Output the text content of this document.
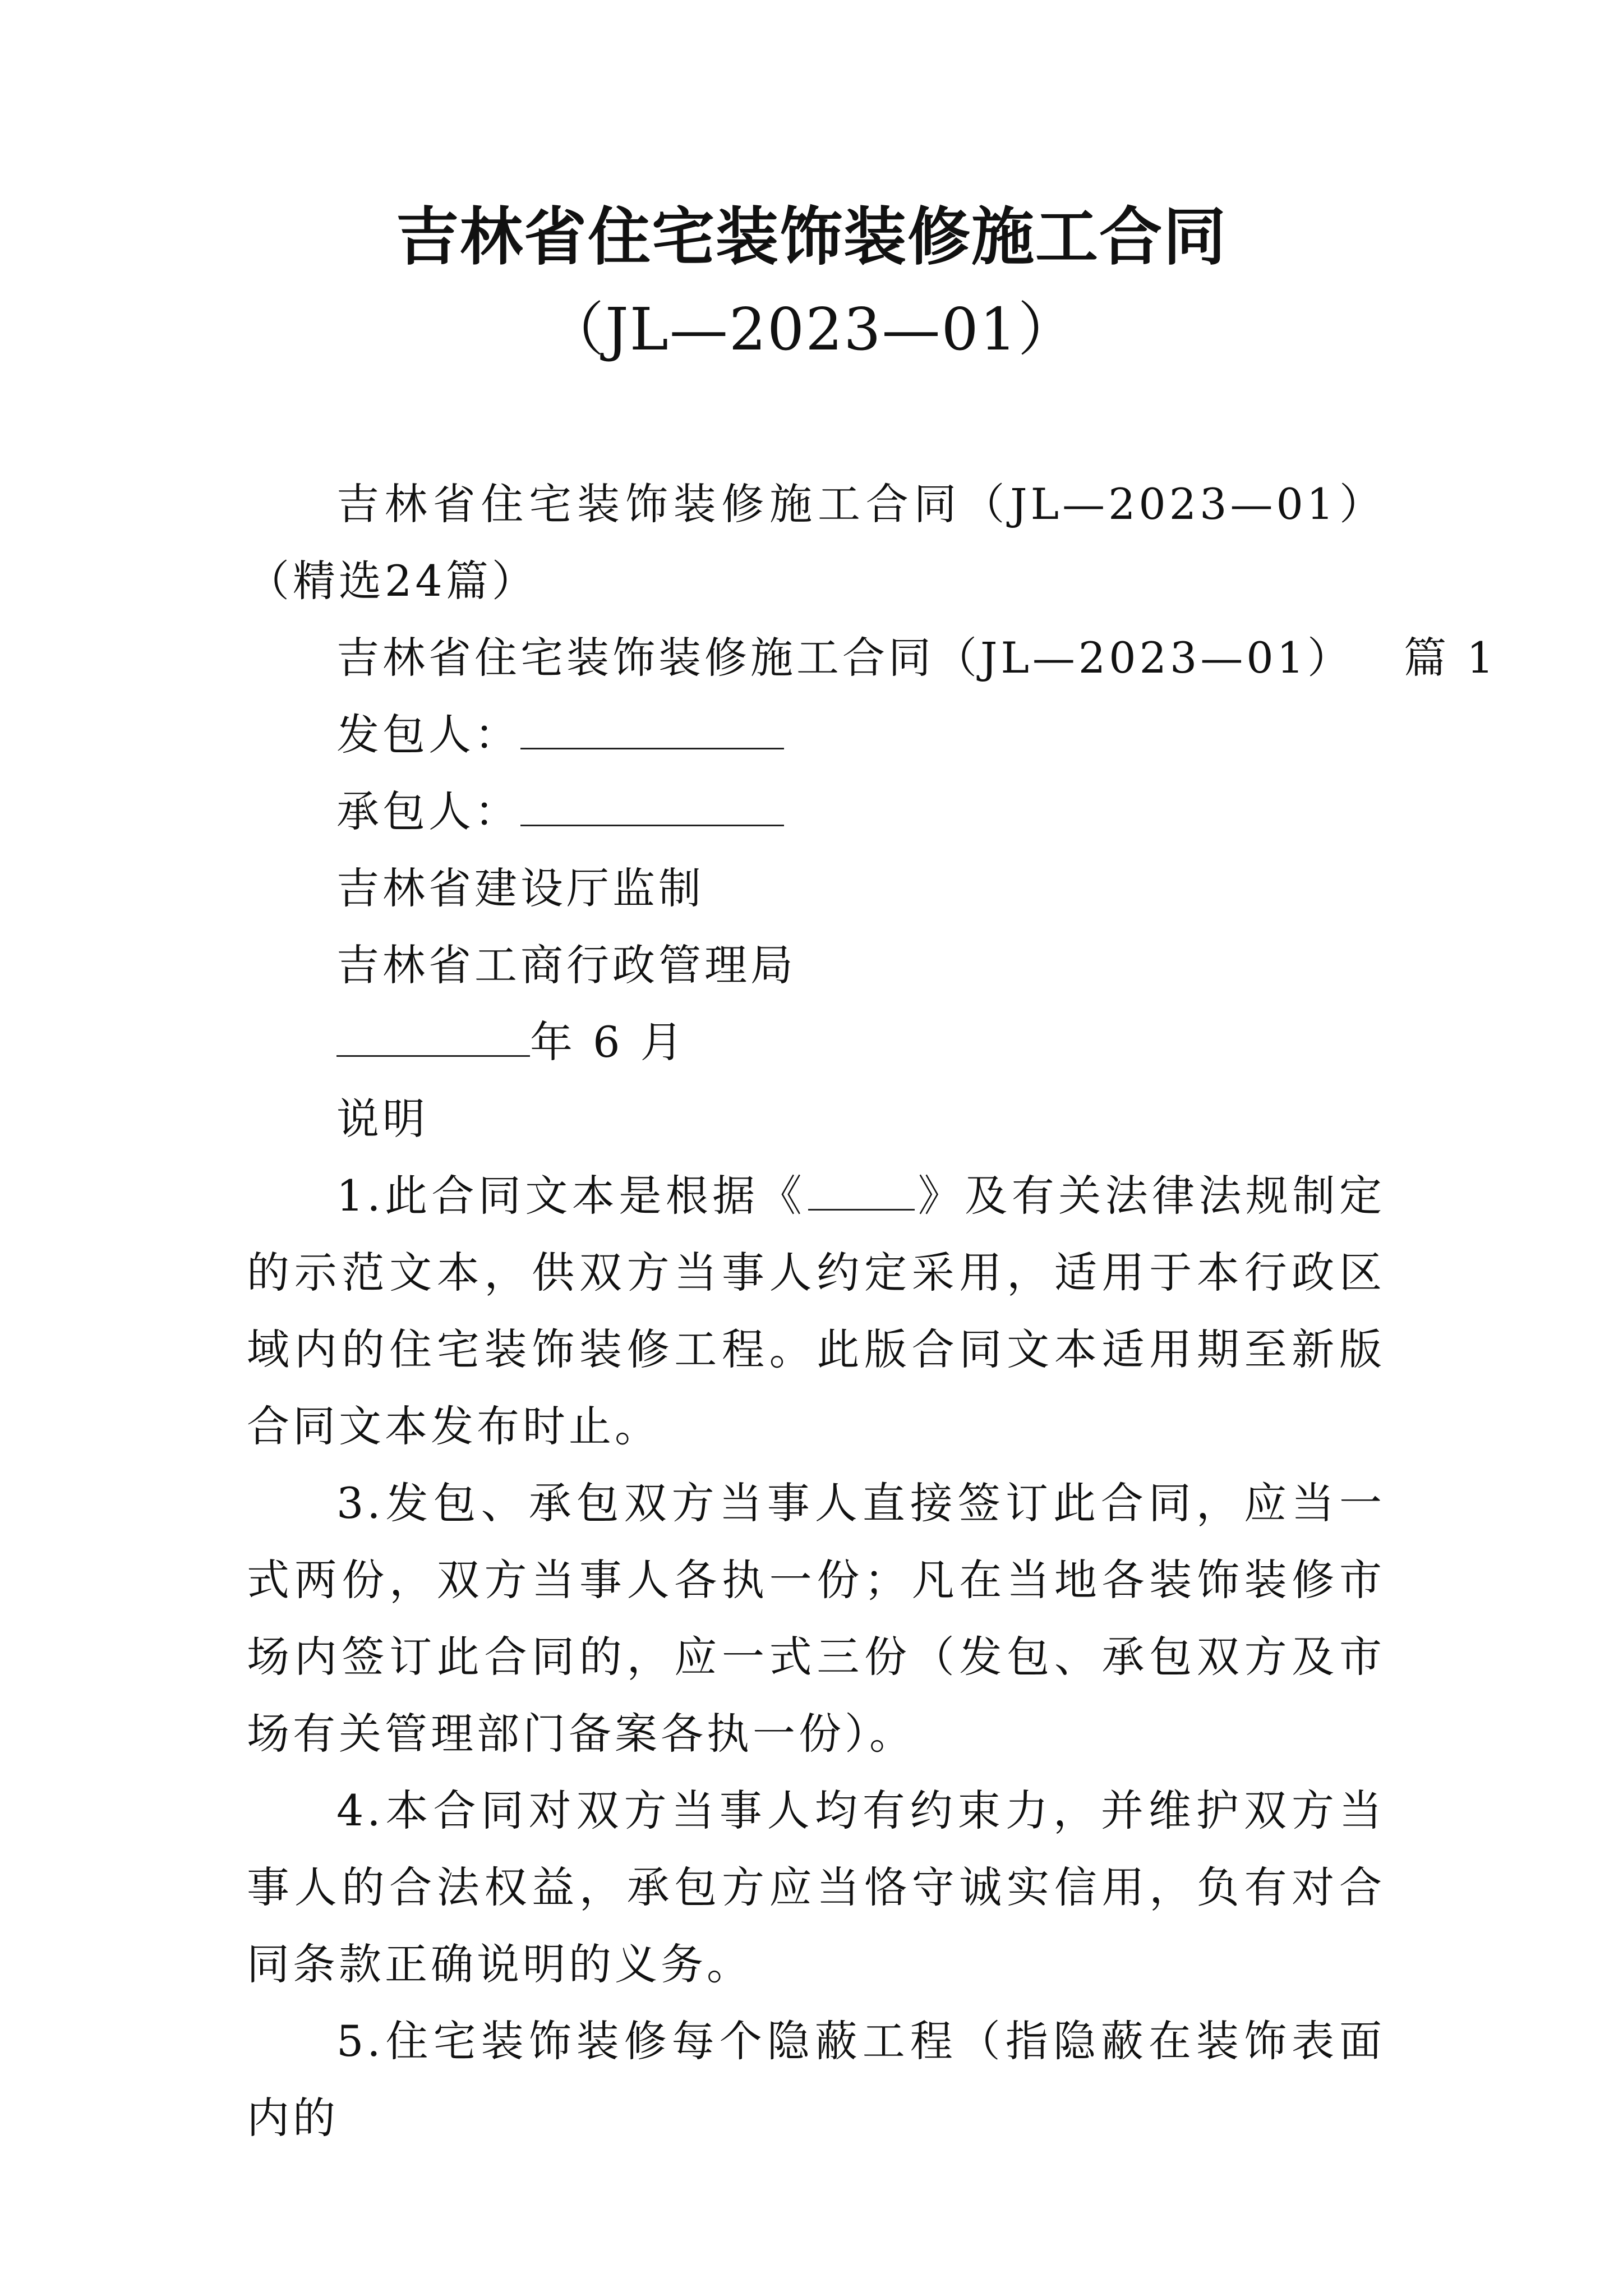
吉林省住宅装饰装修施工合同
（JL—2023—01）

吉林省住宅装饰装修施工合同（JL—2023—01）（精选24篇）

吉林省住宅装饰装修施工合同（JL—2023—01） 篇 1

发包人：

承包人：

吉林省建设厅监制

吉林省工商行政管理局

年 6 月

说明

1.此合同文本是根据《	》及有关法律法规制定的示范文本，供双方当事人约定采用，适用于本行政区域内的住宅装饰装修工程。此版合同文本适用期至新版合同文本发布时止。

3.发包、承包双方当事人直接签订此合同，应当一式两份，双方当事人各执一份；凡在当地各装饰装修市场内签订此合同的，应一式三份（发包、承包双方及市场有关管理部门备案各执一份）。

4.本合同对双方当事人均有约束力，并维护双方当事人的合法权益，承包方应当恪守诚实信用，负有对合同条款正确说明的义务。

5.住宅装饰装修每个隐蔽工程（指隐蔽在装饰表面内的
